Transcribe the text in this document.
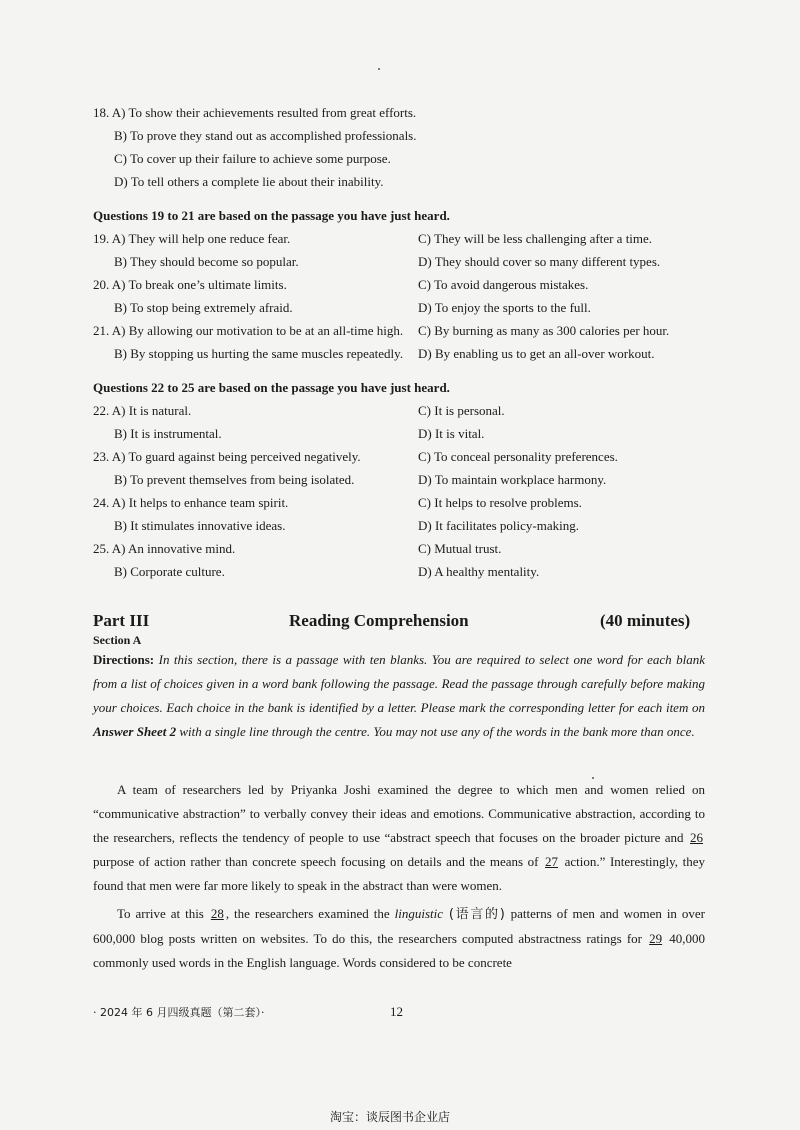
18. A) To show their achievements resulted from great efforts.
B) To prove they stand out as accomplished professionals.
C) To cover up their failure to achieve some purpose.
D) To tell others a complete lie about their inability.
Questions 19 to 21 are based on the passage you have just heard.
19. A) They will help one reduce fear.	C) They will be less challenging after a time.
B) They should become so popular.	D) They should cover so many different types.
20. A) To break one’s ultimate limits.	C) To avoid dangerous mistakes.
B) To stop being extremely afraid.	D) To enjoy the sports to the full.
21. A) By allowing our motivation to be at an all-time high. C) By burning as many as 300 calories per hour.
B) By stopping us hurting the same muscles repeatedly. D) By enabling us to get an all-over workout.
Questions 22 to 25 are based on the passage you have just heard.
22. A) It is natural.	C) It is personal.
B) It is instrumental.	D) It is vital.
23. A) To guard against being perceived negatively.	C) To conceal personality preferences.
B) To prevent themselves from being isolated.	D) To maintain workplace harmony.
24. A) It helps to enhance team spirit.	C) It helps to resolve problems.
B) It stimulates innovative ideas.	D) It facilitates policy-making.
25. A) An innovative mind.	C) Mutual trust.
B) Corporate culture.	D) A healthy mentality.
Part III	Reading Comprehension	(40 minutes)
Section A
Directions: In this section, there is a passage with ten blanks. You are required to select one word for each blank from a list of choices given in a word bank following the passage. Read the passage through carefully before making your choices. Each choice in the bank is identified by a letter. Please mark the corresponding letter for each item on Answer Sheet 2 with a single line through the centre. You may not use any of the words in the bank more than once.

A team of researchers led by Priyanka Joshi examined the degree to which men and women relied on “communicative abstraction” to verbally convey their ideas and emotions. Communicative abstraction, according to the researchers, reflects the tendency of people to use “abstract speech that focuses on the broader picture and 26 purpose of action rather than concrete speech focusing on details and the means of 27 action.” Interestingly, they found that men were far more likely to speak in the abstract than were women.

To arrive at this 28 , the researchers examined the linguistic (语言的) patterns of men and women in over 600,000 blog posts written on websites. To do this, the researchers computed abstractness ratings for 29 40,000 commonly used words in the English language. Words considered to be concrete

· 2024 年 6 月四级真题（第二套）·	12
淘宝：谈辰图书企业店
